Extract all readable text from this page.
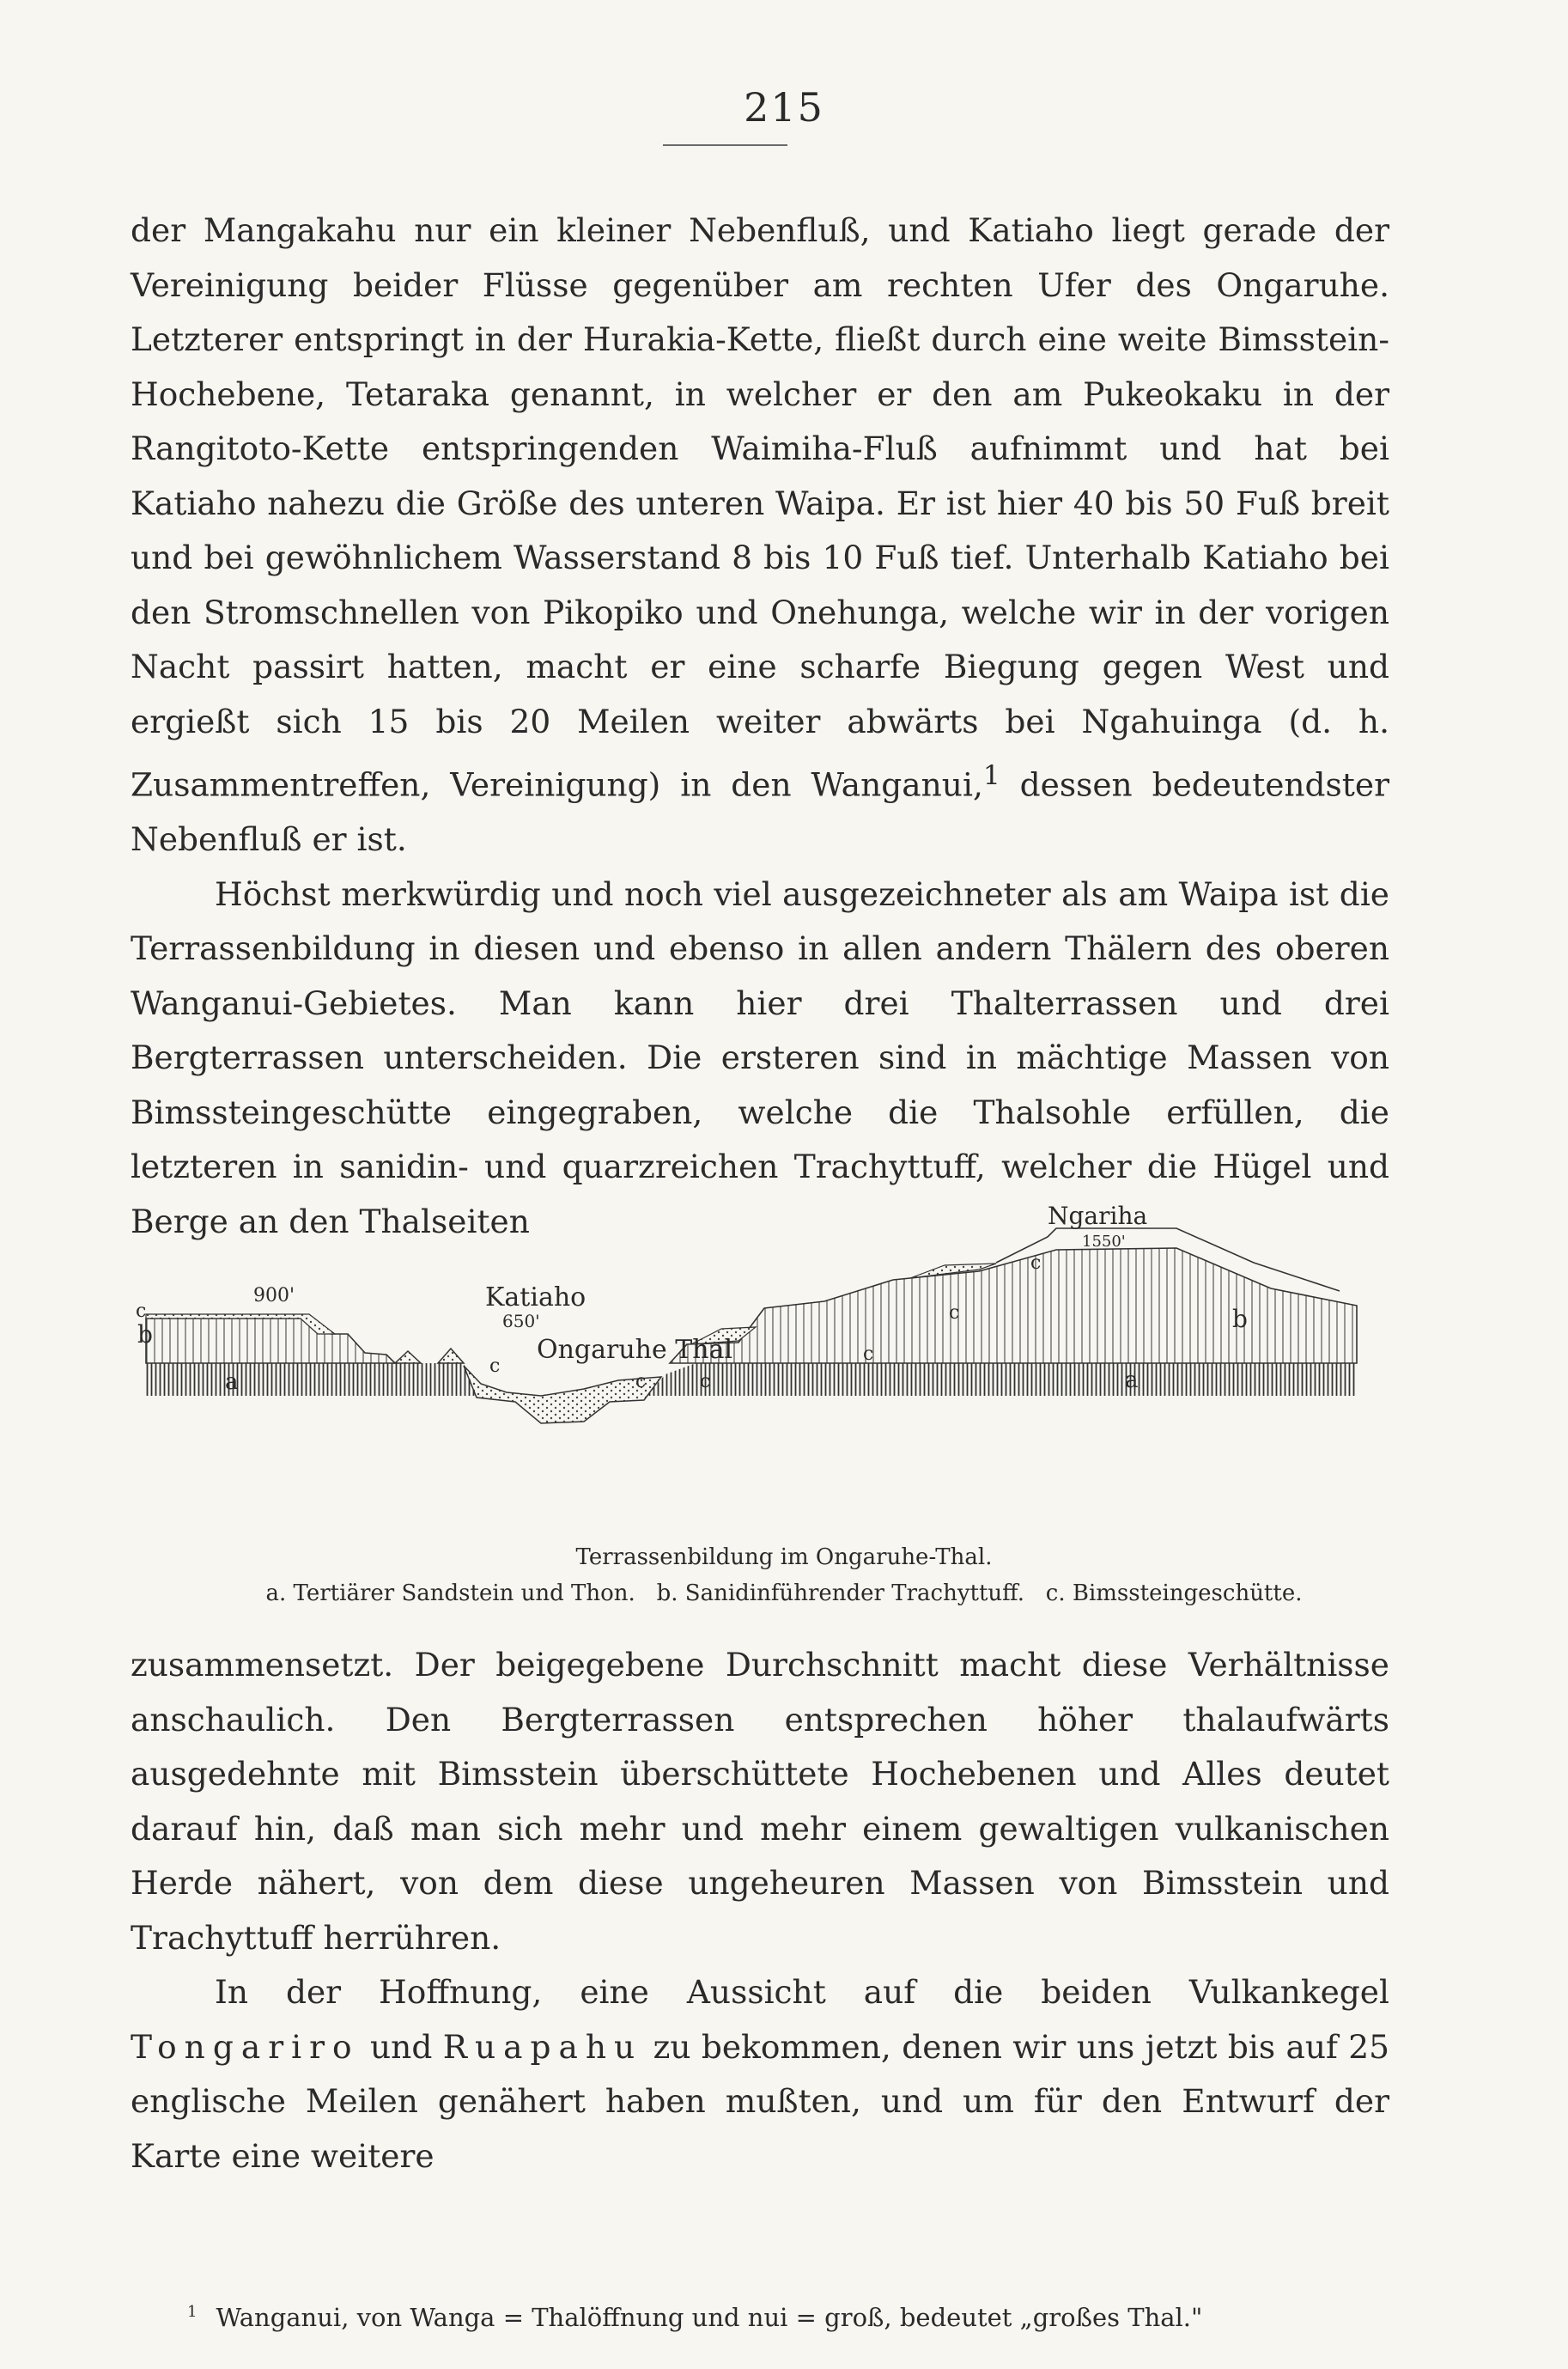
215

der Mangakahu nur ein kleiner Nebenfluß, und Katiaho liegt gerade der Vereinigung beider Flüsse gegenüber am rechten Ufer des Ongaruhe. Letzterer entspringt in der Hurakia-Kette, fließt durch eine weite Bimsstein-Hochebene, Tetaraka genannt, in welcher er den am Pukeokaku in der Rangitoto-Kette entspringenden Waimiha-Fluß aufnimmt und hat bei Katiaho nahezu die Größe des unteren Waipa. Er ist hier 40 bis 50 Fuß breit und bei gewöhnlichem Wasserstand 8 bis 10 Fuß tief. Unterhalb Katiaho bei den Stromschnellen von Pikopiko und Onehunga, welche wir in der vorigen Nacht passirt hatten, macht er eine scharfe Biegung gegen West und ergießt sich 15 bis 20 Meilen weiter abwärts bei Ngahuinga (d. h. Zusammentreffen, Vereinigung) in den Wanganui,$^1$ dessen bedeutendster Nebenfluß er ist.

Höchst merkwürdig und noch viel ausgezeichneter als am Waipa ist die Terrassenbildung in diesen und ebenso in allen andern Thälern des oberen Wanganui-Gebietes. Man kann hier drei Thalterrassen und drei Bergterrassen unterscheiden. Die ersteren sind in mächtige Massen von Bimssteingeschütte eingegraben, welche die Thalsohle erfüllen, die letzteren in sanidin- und quarzreichen Trachyttuff, welcher die Hügel und Berge an den Thalseiten	Ngariha
1550'
900'	Katiaho
650'
Ongaruhe Thal
c
b
a
c
c	c
c
c
c
b
a
Terrassenbildung im Ongaruhe-Thal.
a. Tertiärer Sandstein und Thon.   b. Sanidinführender Trachyttuff.   c. Bimssteingeschütte.

zusammensetzt. Der beigegebene Durchschnitt macht diese Verhältnisse anschaulich. Den Bergterrassen entsprechen höher thalaufwärts ausgedehnte mit Bimsstein überschüttete Hochebenen und Alles deutet darauf hin, daß man sich mehr und mehr einem gewaltigen vulkanischen Herde nähert, von dem diese ungeheuren Massen von Bimsstein und Trachyttuff herrühren.

In der Hoffnung, eine Aussicht auf die beiden Vulkankegel Tongariro und Ruapahu zu bekommen, denen wir uns jetzt bis auf 25 englische Meilen genähert haben mußten, und um für den Entwurf der Karte eine weitere

$^1$ Wanganui, von Wanga = Thalöffnung und nui = groß, bedeutet „großes Thal."
